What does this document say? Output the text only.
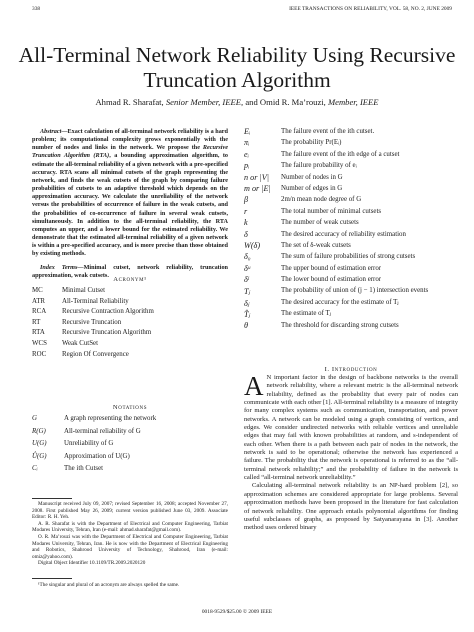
338	IEEE TRANSACTIONS ON RELIABILITY, VOL. 58, NO. 2, JUNE 2009
All-Terminal Network Reliability Using Recursive
Truncation Algorithm
Ahmad R. Sharafat, Senior Member, IEEE, and Omid R. Ma’rouzi, Member, IEEE

Abstract—Exact calculation of all-terminal network reliability is a hard problem; its computational complexity grows exponentially with the number of nodes and links in the network. We propose the Recursive Truncation Algorithm (RTA), a bounding approximation algorithm, to estimate the all-terminal reliability of a given network with a pre-specified accuracy. RTA scans all minimal cutsets of the graph representing the network, and finds the weak cutsets of the graph by comparing failure probabilities of cutsets to an adaptive threshold which depends on the approximation accuracy. We calculate the unreliability of the network versus the probabilities of occurrence of failure in the weak cutsets, and the probabilities of co-occurrence of failure in several weak cutsets, simultaneously. In addition to the all-terminal reliability, the RTA computes an upper, and a lower bound for the estimated reliability. We demonstrate that the estimated all-terminal reliability of a given network is within a pre-specified accuracy, and is more precise than those obtained by existing methods.

Index Terms—Minimal cutset, network reliability, truncation approximation, weak cutsets.

Acronym¹
MC	Minimal Cutset
ATR	All-Terminal Reliability
RCA	Recursive Contraction Algorithm
RT	Recursive Truncation
RTA	Recursive Truncation Algorithm
WCS	Weak CutSet
ROC	Region Of Convergence
Notations
G	A graph representing the network
R(G)	All-terminal reliability of G
U(G)	Unreliability of G
Û(G)	Approximation of U(G)
Cᵢ	The ith Cutset

Manuscript received July 09, 2007; revised September 16, 2008; accepted November 27, 2008. First published May 26, 2009; current version published June 03, 2009. Associate Editor: R. H. Yeh.

A. R. Sharafat is with the Department of Electrical and Computer Engineering, Tarbiat Modares University, Tehran, Iran (e-mail: ahmad.sharafat@gmail.com).

O. R. Ma’rouzi was with the Department of Electrical and Computer Engineering, Tarbiat Modares University, Tehran, Iran. He is now with the Department of Electrical Engineering and Robotics, Shahrood University of Technology, Shahrood, Iran (e-mail: omiz@yahoo.com).

Digital Object Identifier 10.1109/TR.2009.2020120

¹The singular and plural of an acronym are always spelled the same.
Eᵢ	The failure event of the ith cutset.
πᵢ	The probability Pr(Eᵢ)
eᵢ	The failure event of the ith edge of a cutset
pᵢ	The failure probability of eᵢ
n or |V|	Number of nodes in G
m or |E|	Number of edges in G
β	2m/n mean node degree of G
r	The total number of minimal cutsets
k	The number of weak cutsets
δ	The desired accuracy of reliability estimation
W(δ)	The set of δ-weak cutsets
δ₀	The sum of failure probabilities of strong cutsets
δᵘ	The upper bound of estimation error
δˡ	The lower bound of estimation error
Tⱼ	The probability of union of (j − 1) intersection events
δⱼ	The desired accuracy for the estimate of Tⱼ
T̂ⱼ	The estimate of Tⱼ
θ	The threshold for discarding strong cutsets
I. Introduction

A N important factor in the design of backbone networks is the overall network reliability, where a relevant metric is the all-terminal network reliability, defined as the probability that every pair of nodes can communicate with each other [1]. All-terminal reliability is a measure of integrity for many complex systems such as communication, transportation, and power networks. A network can be modeled using a graph consisting of vertices, and edges. We consider undirected networks with reliable vertices and unreliable edges that may fail with known probabilities at random, and s-independent of each other. When there is a path between each pair of nodes in the network, the network is said to be operational; otherwise the network has experienced a failure. The probability that the network is operational is referred to as the “all-terminal network reliability;” and the probability of failure in the network is called “all-terminal network unreliability.”

Calculating all-terminal network reliability is an NP-hard problem [2], so approximation schemes are considered appropriate for large problems. Several approximation methods have been proposed in the literature for fast calculation of network reliability. One approach entails polynomial algorithms for finding useful subclasses of graphs, as proposed by Satyanarayana in [3]. Another method uses ordered binary

0018-9529/$25.00 © 2009 IEEE
